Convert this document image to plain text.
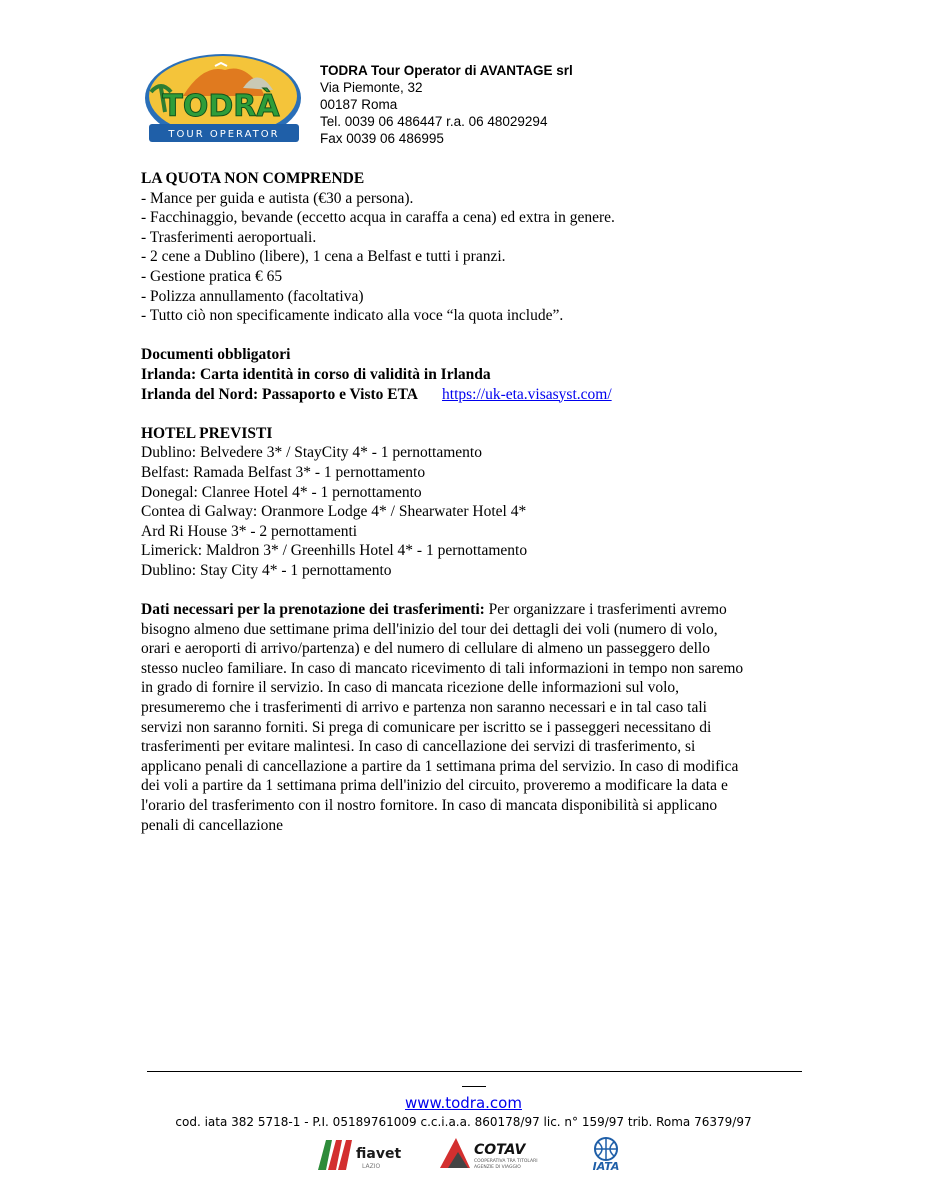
TODRÀ
TOUR OPERATOR
TODRA Tour Operator di AVANTAGE srl
Via Piemonte, 32
00187 Roma
Tel. 0039 06 486447 r.a. 06 48029294
Fax 0039 06 486995

LA QUOTA NON COMPRENDE

- Mance per guida e autista (€30 a persona).

- Facchinaggio, bevande (eccetto acqua in caraffa a cena) ed extra in genere.

- Trasferimenti aeroportuali.

- 2 cene a Dublino (libere), 1 cena a Belfast e tutti i pranzi.

- Gestione pratica € 65

- Polizza annullamento (facoltativa)

- Tutto ciò non specificamente indicato alla voce “la quota include”.

Documenti obbligatori

Irlanda: Carta identità in corso di validità in Irlanda

Irlanda del Nord: Passaporto e Visto ETA https://uk-eta.visasyst.com/

HOTEL PREVISTI

Dublino: Belvedere 3* / StayCity 4* - 1 pernottamento

Belfast: Ramada Belfast 3* - 1 pernottamento

Donegal: Clanree Hotel 4* - 1 pernottamento

Contea di Galway: Oranmore Lodge 4* / Shearwater Hotel 4*

Ard Ri House 3* - 2 pernottamenti

Limerick: Maldron 3* / Greenhills Hotel 4* - 1 pernottamento

Dublino: Stay City 4* - 1 pernottamento

Dati necessari per la prenotazione dei trasferimenti: Per organizzare i trasferimenti avremo

bisogno almeno due settimane prima dell'inizio del tour dei dettagli dei voli (numero di volo,

orari e aeroporti di arrivo/partenza) e del numero di cellulare di almeno un passeggero dello

stesso nucleo familiare. In caso di mancato ricevimento di tali informazioni in tempo non saremo

in grado di fornire il servizio. In caso di mancata ricezione delle informazioni sul volo,

presumeremo che i trasferimenti di arrivo e partenza non saranno necessari e in tal caso tali

servizi non saranno forniti. Si prega di comunicare per iscritto se i passeggeri necessitano di

trasferimenti per evitare malintesi. In caso di cancellazione dei servizi di trasferimento, si

applicano penali di cancellazione a partire da 1 settimana prima del servizio. In caso di modifica

dei voli a partire da 1 settimana prima dell'inizio del circuito, proveremo a modificare la data e

l'orario del trasferimento con il nostro fornitore. In caso di mancata disponibilità si applicano

penali di cancellazione

www.todra.com
cod. iata 382 5718-1 - P.I. 05189761009 c.c.i.a.a. 860178/97 lic. n° 159/97 trib. Roma 76379/97
fiavet
LAZIO
COTAV
COOPERATIVA TRA TITOLARI
AGENZIE DI VIAGGIO	IATA
